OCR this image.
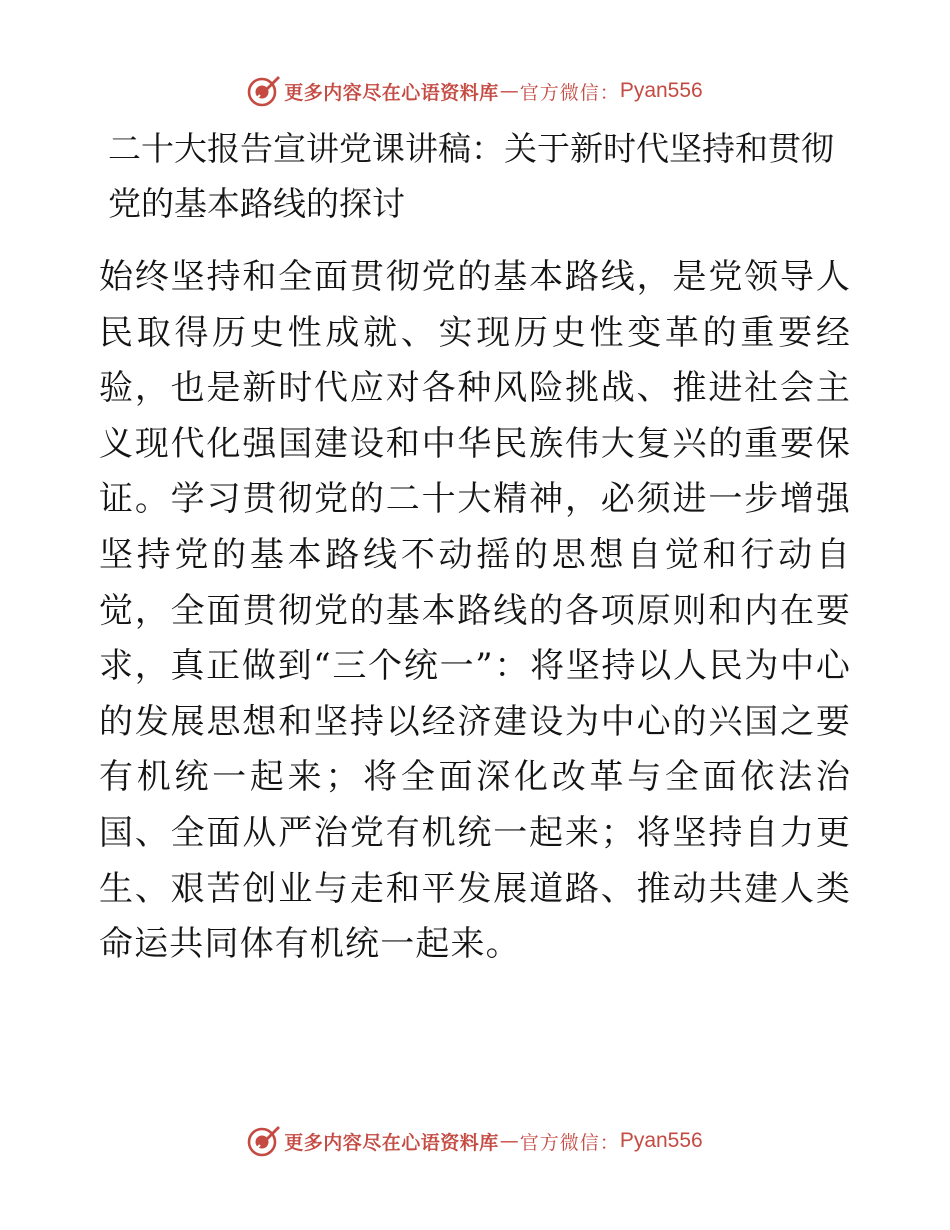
更多内容尽在心语资料库 — 官方微信： Pyan556
二十大报告宣讲党课讲稿：关于新时代坚持和贯彻党的基本路线的探讨

始终坚持和全面贯彻党的基本路线，是党领导人民取得历史性成就、实现历史性变革的重要经验，也是新时代应对各种风险挑战、推进社会主义现代化强国建设和中华民族伟大复兴的重要保证。学习贯彻党的二十大精神，必须进一步增强坚持党的基本路线不动摇的思想自觉和行动自觉，全面贯彻党的基本路线的各项原则和内在要求，真正做到“三个统一”：将坚持以人民为中心的发展思想和坚持以经济建设为中心的兴国之要有机统一起来；将全面深化改革与全面依法治国、全面从严治党有机统一起来；将坚持自力更生、艰苦创业与走和平发展道路、推动共建人类命运共同体有机统一起来。

更多内容尽在心语资料库 — 官方微信： Pyan556
